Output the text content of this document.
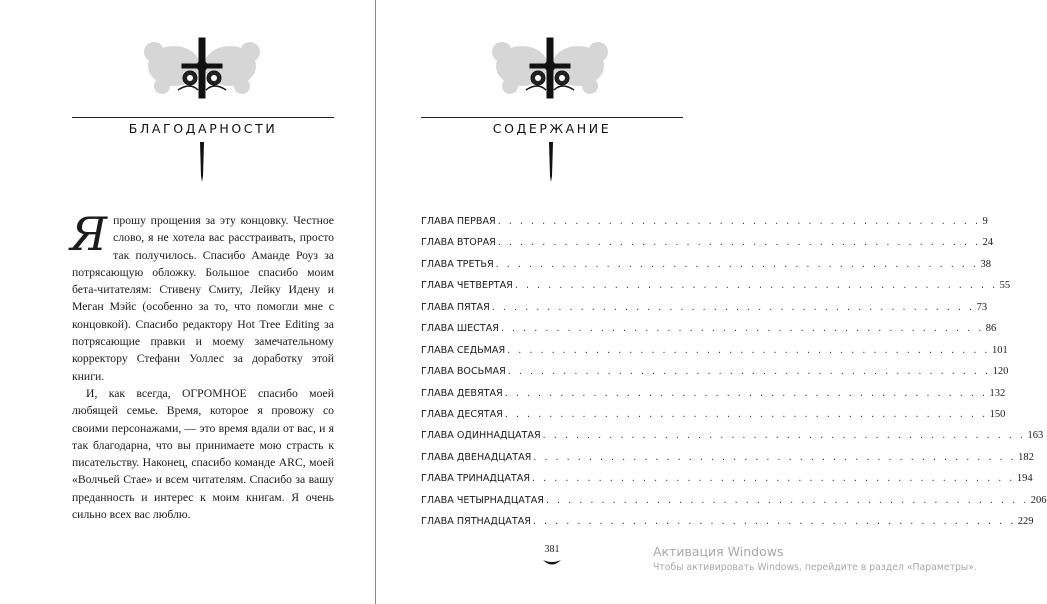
БЛАГОДАРНОСТИ

Я прошу прощения за эту концовку. Честное слово, я не хотела вас расстраивать, просто так получилось. Спасибо Аманде Роуз за потрясающую обложку. Большое спасибо моим бета-читателям: Стивену Смиту, Лейку Идену и Меган Мэйс (особенно за то, что помогли мне с концовкой). Спасибо редактору Hot Tree Editing за потрясающие правки и моему замечательному корректору Стефани Уоллес за доработку этой книги.

И, как всегда, ОГРОМНОЕ спасибо моей любящей семье. Время, которое я провожу со своими персонажами, — это время вдали от вас, и я так благодарна, что вы принимаете мою страсть к писательству. Наконец, спасибо команде ARC, моей «Волчьей Стае» и всем читателям. Спасибо за вашу преданность и интерес к моим книгам. Я очень сильно всех вас люблю.

СОДЕРЖАНИЕ
ГЛАВА ПЕРВАЯ . . . . . . . . . . . . . . . . . . . . . . . . . . . . . . . . . . . . . . . . . . . . 9
ГЛАВА ВТОРАЯ . . . . . . . . . . . . . . . . . . . . . . . . . . . . . . . . . . . . . . . . . . . . 24
ГЛАВА ТРЕТЬЯ . . . . . . . . . . . . . . . . . . . . . . . . . . . . . . . . . . . . . . . . . . . . 38
ГЛАВА ЧЕТВЕРТАЯ . . . . . . . . . . . . . . . . . . . . . . . . . . . . . . . . . . . . . . . . . . . . 55
ГЛАВА ПЯТАЯ . . . . . . . . . . . . . . . . . . . . . . . . . . . . . . . . . . . . . . . . . . . . 73
ГЛАВА ШЕСТАЯ . . . . . . . . . . . . . . . . . . . . . . . . . . . . . . . . . . . . . . . . . . . . 86
ГЛАВА СЕДЬМАЯ . . . . . . . . . . . . . . . . . . . . . . . . . . . . . . . . . . . . . . . . . . . . 101
ГЛАВА ВОСЬМАЯ . . . . . . . . . . . . . . . . . . . . . . . . . . . . . . . . . . . . . . . . . . . . 120
ГЛАВА ДЕВЯТАЯ . . . . . . . . . . . . . . . . . . . . . . . . . . . . . . . . . . . . . . . . . . . . 132
ГЛАВА ДЕСЯТАЯ . . . . . . . . . . . . . . . . . . . . . . . . . . . . . . . . . . . . . . . . . . . . 150
ГЛАВА ОДИННАДЦАТАЯ . . . . . . . . . . . . . . . . . . . . . . . . . . . . . . . . . . . . . . . . . . . . 163
ГЛАВА ДВЕНАДЦАТАЯ . . . . . . . . . . . . . . . . . . . . . . . . . . . . . . . . . . . . . . . . . . . . 182
ГЛАВА ТРИНАДЦАТАЯ . . . . . . . . . . . . . . . . . . . . . . . . . . . . . . . . . . . . . . . . . . . . 194
ГЛАВА ЧЕТЫРНАДЦАТАЯ . . . . . . . . . . . . . . . . . . . . . . . . . . . . . . . . . . . . . . . . . . . . 206
ГЛАВА ПЯТНАДЦАТАЯ . . . . . . . . . . . . . . . . . . . . . . . . . . . . . . . . . . . . . . . . . . . . 229
381	Активация Windows
Чтобы активировать Windows, перейдите в раздел «Параметры».
